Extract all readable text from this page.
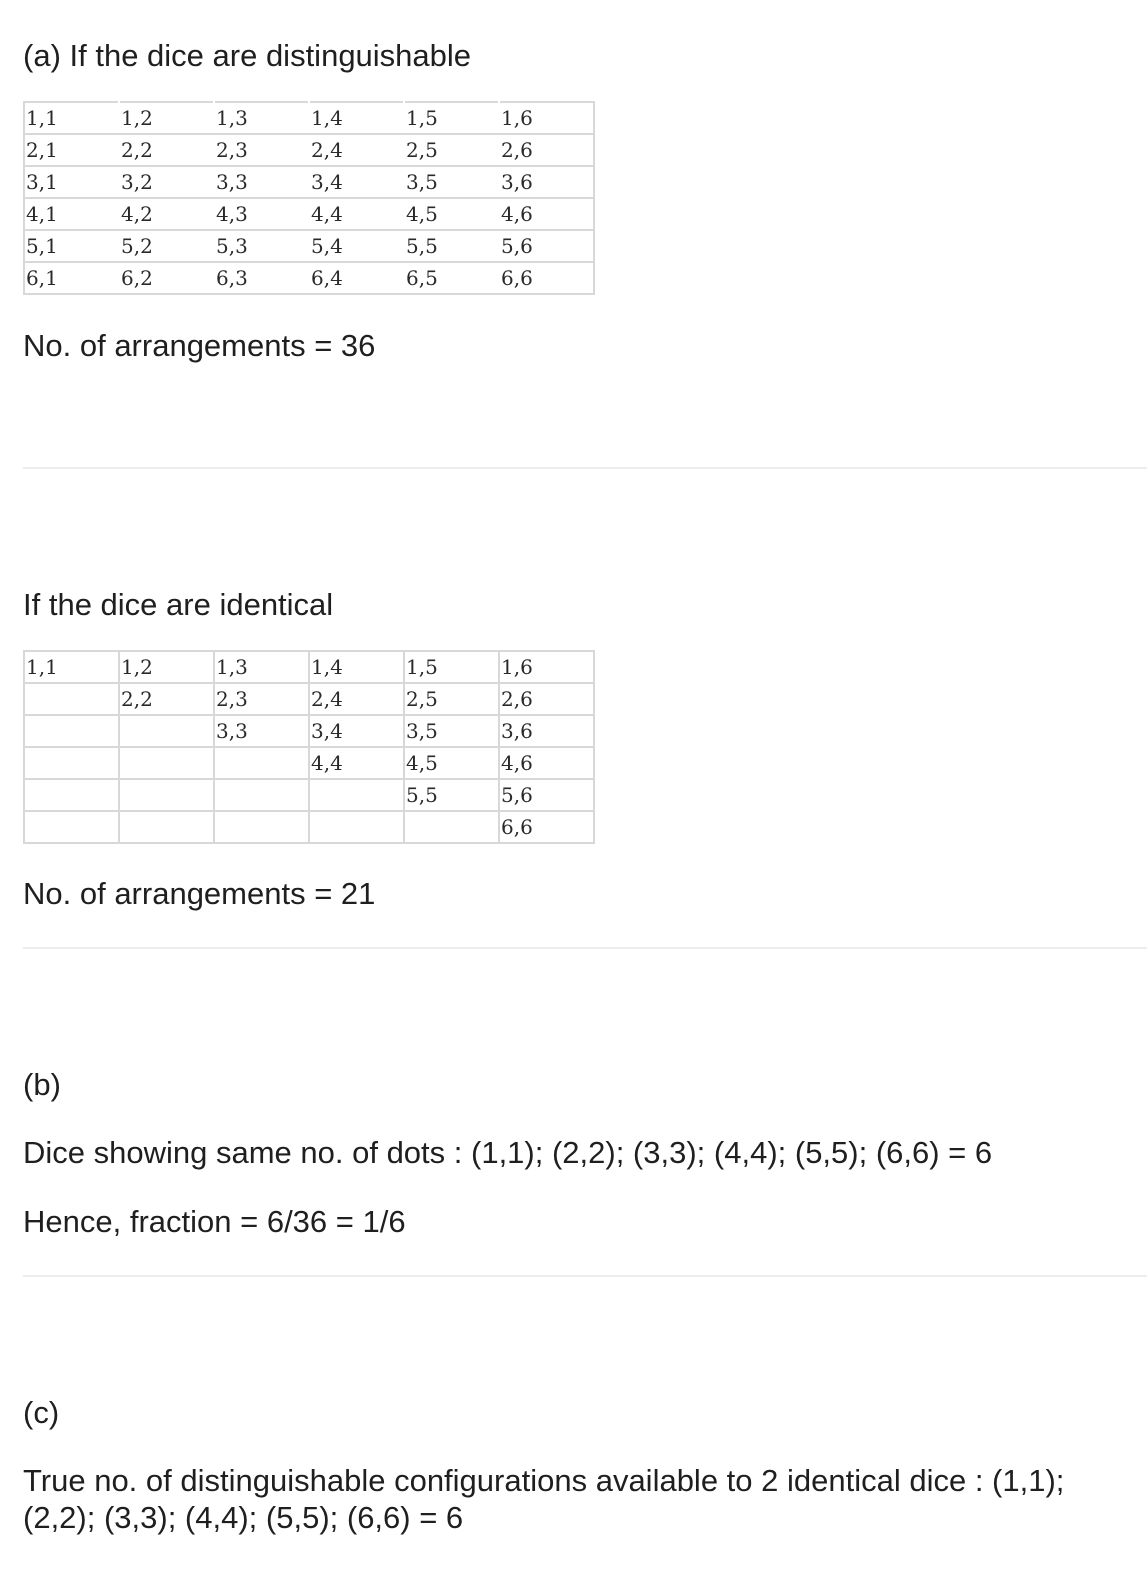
(a) If the dice are distinguishable
1,1	1,2	1,3	1,4	1,5	1,6
2,1	2,2	2,3	2,4	2,5	2,6
3,1	3,2	3,3	3,4	3,5	3,6
4,1	4,2	4,3	4,4	4,5	4,6
5,1	5,2	5,3	5,4	5,5	5,6
6,1	6,2	6,3	6,4	6,5	6,6
No. of arrangements = 36
If the dice are identical
1,1	1,2	1,3	1,4	1,5	1,6
	2,2	2,3	2,4	2,5	2,6
		3,3	3,4	3,5	3,6
			4,4	4,5	4,6
				5,5	5,6
					6,6
No. of arrangements = 21
(b)
Dice showing same no. of dots : (1,1); (2,2); (3,3); (4,4); (5,5); (6,6) = 6
Hence, fraction = 6/36 = 1/6
(c)
True no. of distinguishable configurations available to 2 identical dice : (1,1);
(2,2); (3,3); (4,4); (5,5); (6,6) = 6
